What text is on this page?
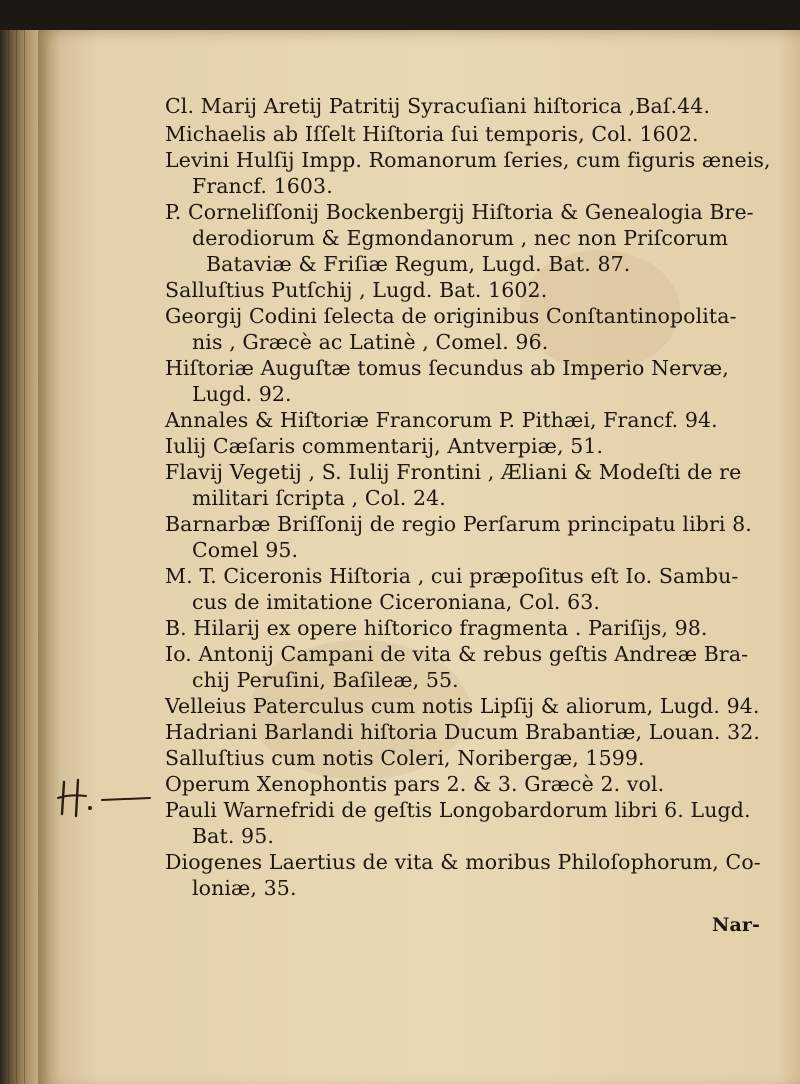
Cl. Marij Aretij Patritij Syracuſiani hiſtorica ,Baſ.44.
Michaelis ab Iſſelt Hiſtoria ſui temporis, Col. 1602.
Levini Hulſij Impp. Romanorum ſeries, cum figuris æneis,
Francf. 1603.
P. Corneliſſonij Bockenbergij Hiſtoria & Genealogia Bre-
derodiorum & Egmondanorum , nec non Priſcorum
Bataviæ & Friſiæ Regum, Lugd. Bat. 87.
Salluſtius Putſchij , Lugd. Bat. 1602.
Georgij Codini ſelecta de originibus Conſtantinopolita-
nis , Græcè ac Latinè , Comel. 96.
Hiſtoriæ Auguſtæ tomus ſecundus ab Imperio Nervæ,
Lugd. 92.
Annales & Hiſtoriæ Francorum P. Pithæi, Francf. 94.
Iulij Cæſaris commentarij, Antverpiæ, 51.
Flavij Vegetij , S. Iulij Frontini , Æliani & Modeſti de re
militari ſcripta , Col. 24.
Barnarbæ Briſſonij de regio Perſarum principatu libri 8.
Comel 95.
M. T. Ciceronis Hiſtoria , cui præpoſitus eſt Io. Sambu-
cus de imitatione Ciceroniana, Col. 63.
B. Hilarij ex opere hiſtorico fragmenta . Pariſijs, 98.
Io. Antonij Campani de vita & rebus geſtis Andreæ Bra-
chij Peruſini, Baſileæ, 55.
Velleius Paterculus cum notis Lipſij & aliorum, Lugd. 94.
Hadriani Barlandi hiſtoria Ducum Brabantiæ, Louan. 32.
Salluſtius cum notis Coleri, Noribergæ, 1599.
Operum Xenophontis pars 2. & 3. Græcè 2. vol.
Pauli Warnefridi de geſtis Longobardorum libri 6. Lugd.
Bat. 95.
Diogenes Laertius de vita & moribus Philoſophorum, Co-
loniæ, 35.
Nar-
